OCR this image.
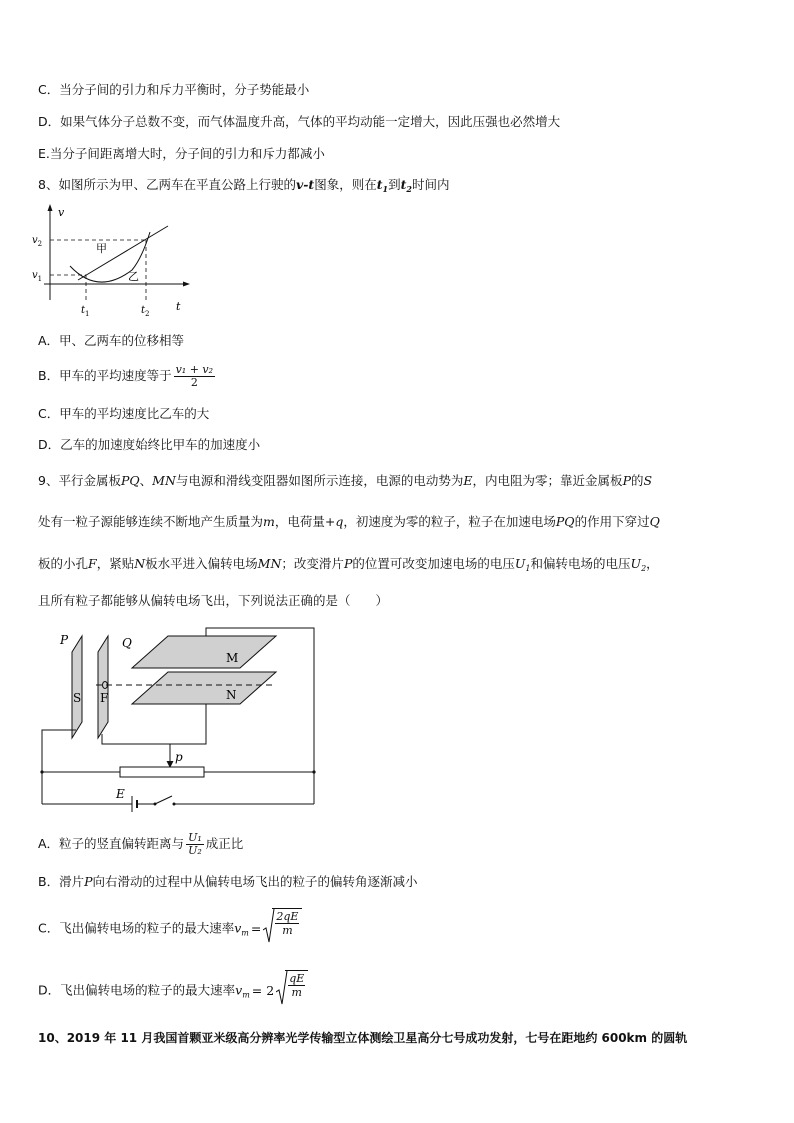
C．当分子间的引力和斥力平衡时，分子势能最小
D．如果气体分子总数不变，而气体温度升高，气体的平均动能一定增大，因此压强也必然增大
E.当分子间距离增大时，分子间的引力和斥力都减小
8、如图所示为甲、乙两车在平直公路上行驶的v-t图象，则在$t_1$到$t_2$时间内
v
t
甲
乙
$v_2$
$v_1$
$t_1$	$t_2$
A．甲、乙两车的位移相等
B．甲车的平均速度等于 $\frac{\text{v₁ + v₂}}{2}$
C．甲车的平均速度比乙车的大
D．乙车的加速度始终比甲车的加速度小
9、平行金属板PQ、MN与电源和滑线变阻器如图所示连接，电源的电动势为E，内电阻为零；靠近金属板P的S
处有一粒子源能够连续不断地产生质量为m，电荷量+q，初速度为零的粒子，粒子在加速电场PQ的作用下穿过Q
板的小孔F，紧贴N板水平进入偏转电场MN；改变滑片P的位置可改变加速电场的电压$U_1$和偏转电场的电压$U_2$，
且所有粒子都能够从偏转电场飞出，下列说法正确的是（　　）
P
S
Q
F
M
N
p
E
A．粒子的竖直偏转距离与 $\frac{\text{U₁}}{\text{U₂}}$ 成正比
B．滑片P向右滑动的过程中从偏转电场飞出的粒子的偏转角逐渐减小
C．飞出偏转电场的粒子的最大速率$v_m = \frac{2qE}{m}$
D．飞出偏转电场的粒子的最大速率$v_m = 2 \frac{qE}{m}$
10、2019 年 11 月我国首颗亚米级高分辨率光学传输型立体测绘卫星高分七号成功发射，七号在距地约 600km 的圆轨
